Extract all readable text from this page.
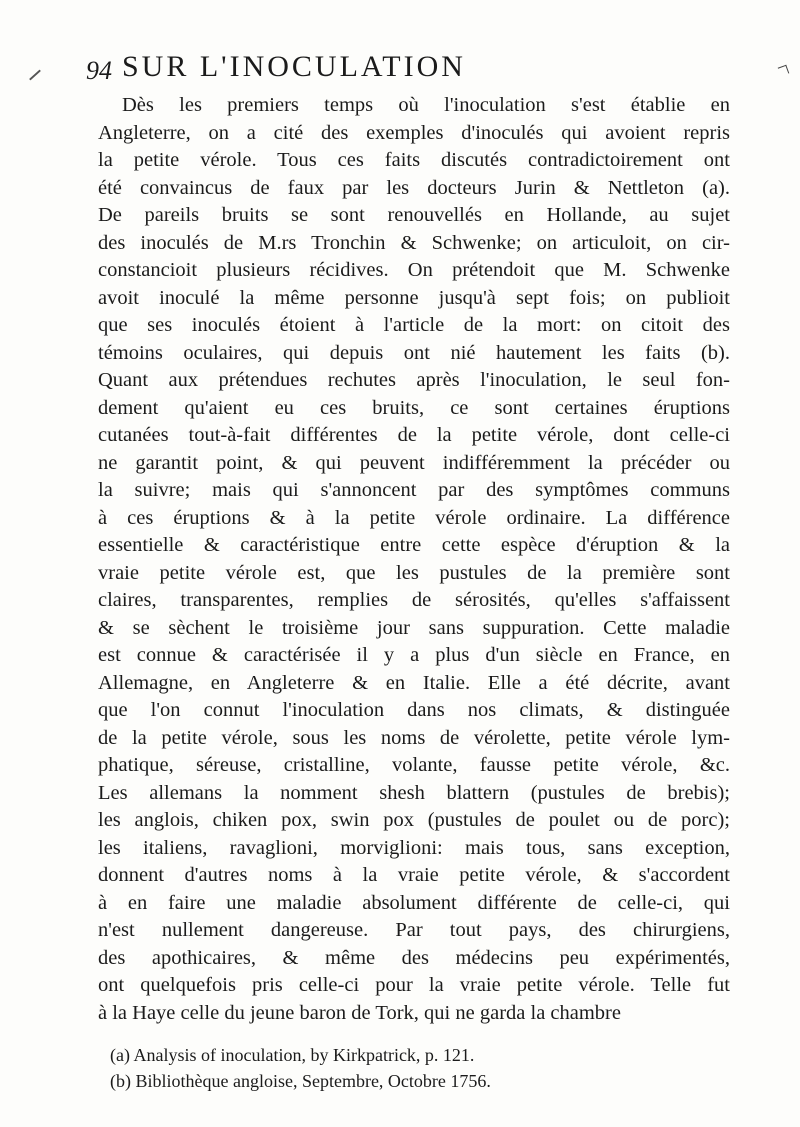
94 SUR L'INOCULATION
Dès les premiers temps où l'inoculation s'est établie en
Angleterre, on a cité des exemples d'inoculés qui avoient repris
la petite vérole. Tous ces faits discutés contradictoirement ont
été convaincus de faux par les docteurs Jurin & Nettleton (a).
De pareils bruits se sont renouvellés en Hollande, au sujet
des inoculés de M.rs Tronchin & Schwenke; on articuloit, on cir-
constancioit plusieurs récidives. On prétendoit que M. Schwenke
avoit inoculé la même personne jusqu'à sept fois; on publioit
que ses inoculés étoient à l'article de la mort: on citoit des
témoins oculaires, qui depuis ont nié hautement les faits (b).
Quant aux prétendues rechutes après l'inoculation, le seul fon-
dement qu'aient eu ces bruits, ce sont certaines éruptions
cutanées tout-à-fait différentes de la petite vérole, dont celle-ci
ne garantit point, & qui peuvent indifféremment la précéder ou
la suivre; mais qui s'annoncent par des symptômes communs
à ces éruptions & à la petite vérole ordinaire. La différence
essentielle & caractéristique entre cette espèce d'éruption & la
vraie petite vérole est, que les pustules de la première sont
claires, transparentes, remplies de sérosités, qu'elles s'affaissent
& se sèchent le troisième jour sans suppuration. Cette maladie
est connue & caractérisée il y a plus d'un siècle en France, en
Allemagne, en Angleterre & en Italie. Elle a été décrite, avant
que l'on connut l'inoculation dans nos climats, & distinguée
de la petite vérole, sous les noms de vérolette, petite vérole lym-
phatique, séreuse, cristalline, volante, fausse petite vérole, &c.
Les allemans la nomment shesh blattern (pustules de brebis);
les anglois, chiken pox, swin pox (pustules de poulet ou de porc);
les italiens, ravaglioni, morviglioni: mais tous, sans exception,
donnent d'autres noms à la vraie petite vérole, & s'accordent
à en faire une maladie absolument différente de celle-ci, qui
n'est nullement dangereuse. Par tout pays, des chirurgiens,
des apothicaires, & même des médecins peu expérimentés,
ont quelquefois pris celle-ci pour la vraie petite vérole. Telle fut
à la Haye celle du jeune baron de Tork, qui ne garda la chambre
(a) Analysis of inoculation, by Kirkpatrick, p. 121.
(b) Bibliothèque angloise, Septembre, Octobre 1756.
